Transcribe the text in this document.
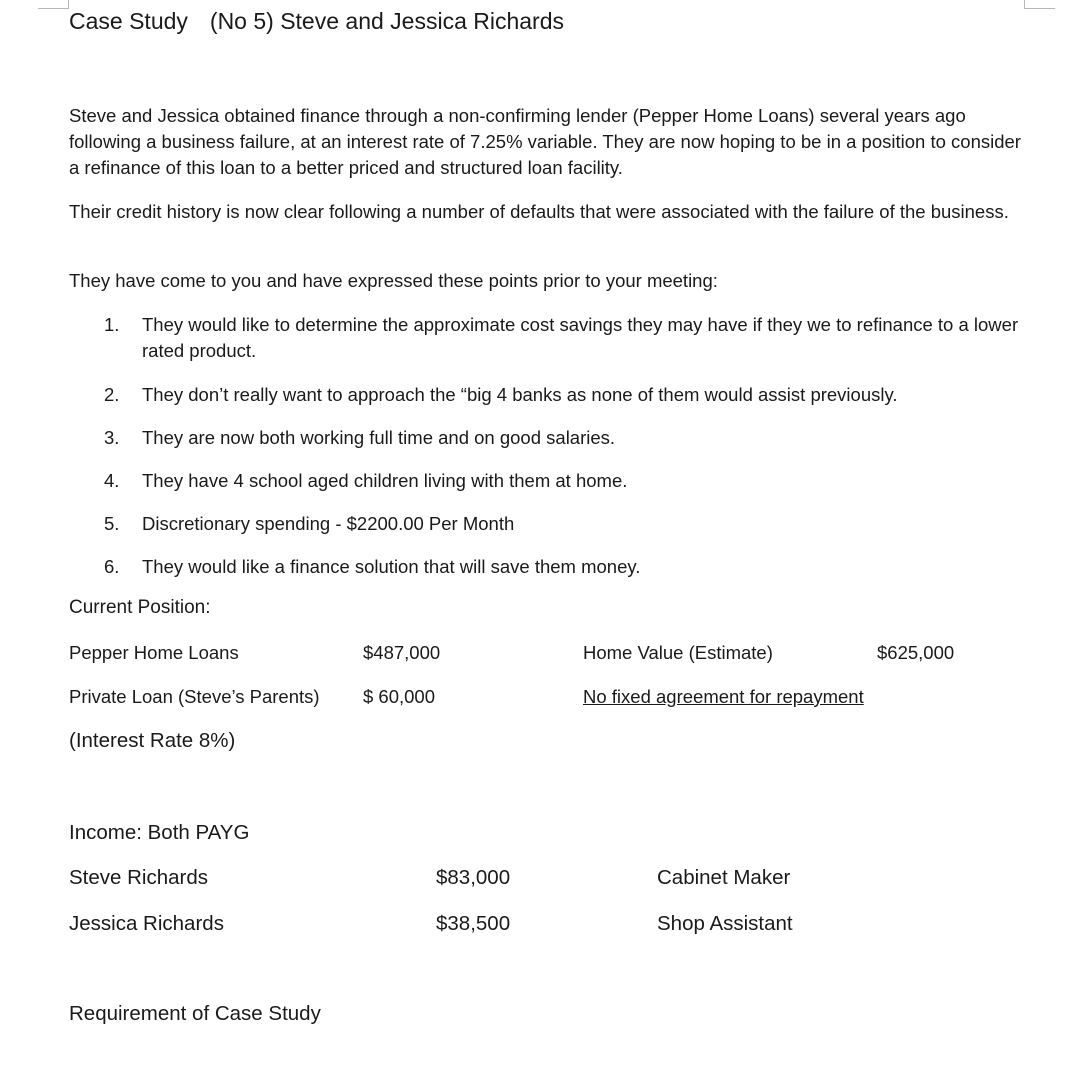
Case Study (No 5) Steve and Jessica Richards
Steve and Jessica obtained finance through a non-confirming lender (Pepper Home Loans) several years ago following a business failure, at an interest rate of 7.25% variable. They are now hoping to be in a position to consider a refinance of this loan to a better priced and structured loan facility.
Their credit history is now clear following a number of defaults that were associated with the failure of the business.
They have come to you and have expressed these points prior to your meeting:
1.	They would like to determine the approximate cost savings they may have if they we to refinance to a lower rated product.
2.	They don’t really want to approach the “big 4 banks as none of them would assist previously.
3.	They are now both working full time and on good salaries.
4.	They have 4 school aged children living with them at home.
5.	Discretionary spending - $2200.00 Per Month
6.	They would like a finance solution that will save them money.
Current Position:
Pepper Home Loans	$487,000	Home Value (Estimate)	$625,000
Private Loan (Steve’s Parents) $ 60,000	No fixed agreement for repayment
(Interest Rate 8%)
Income: Both PAYG
Steve Richards	$83,000	Cabinet Maker
Jessica Richards	$38,500	Shop Assistant
Requirement of Case Study
